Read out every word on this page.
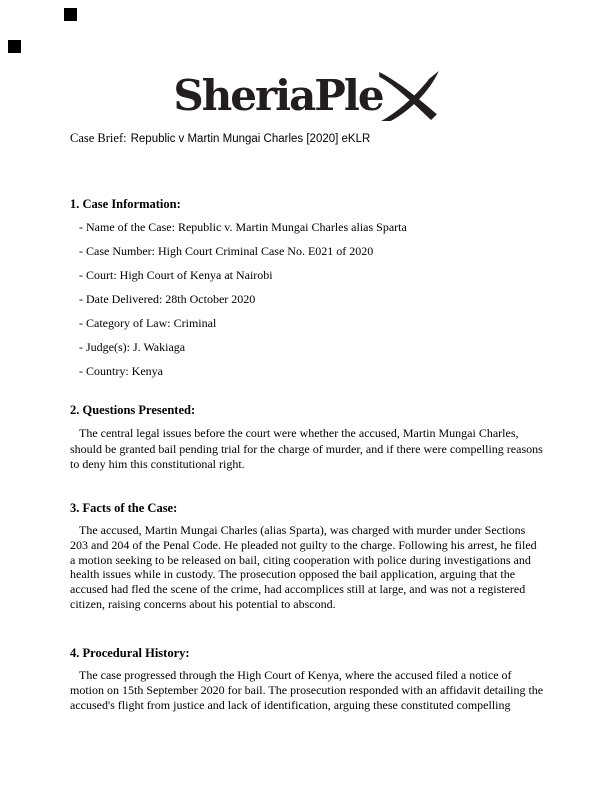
SheriaPle
Case Brief: Republic v Martin Mungai Charles [2020] eKLR
1. Case Information:
- Name of the Case: Republic v. Martin Mungai Charles alias Sparta
- Case Number: High Court Criminal Case No. E021 of 2020
- Court: High Court of Kenya at Nairobi
- Date Delivered: 28th October 2020
- Category of Law: Criminal
- Judge(s): J. Wakiaga
- Country: Kenya
2. Questions Presented:

The central legal issues before the court were whether the accused, Martin Mungai Charles, should be granted bail pending trial for the charge of murder, and if there were compelling reasons to deny him this constitutional right.

3. Facts of the Case:

The accused, Martin Mungai Charles (alias Sparta), was charged with murder under Sections 203 and 204 of the Penal Code. He pleaded not guilty to the charge. Following his arrest, he filed a motion seeking to be released on bail, citing cooperation with police during investigations and health issues while in custody. The prosecution opposed the bail application, arguing that the accused had fled the scene of the crime, had accomplices still at large, and was not a registered citizen, raising concerns about his potential to abscond.

4. Procedural History:

The case progressed through the High Court of Kenya, where the accused filed a notice of motion on 15th September 2020 for bail. The prosecution responded with an affidavit detailing the accused's flight from justice and lack of identification, arguing these constituted compelling
